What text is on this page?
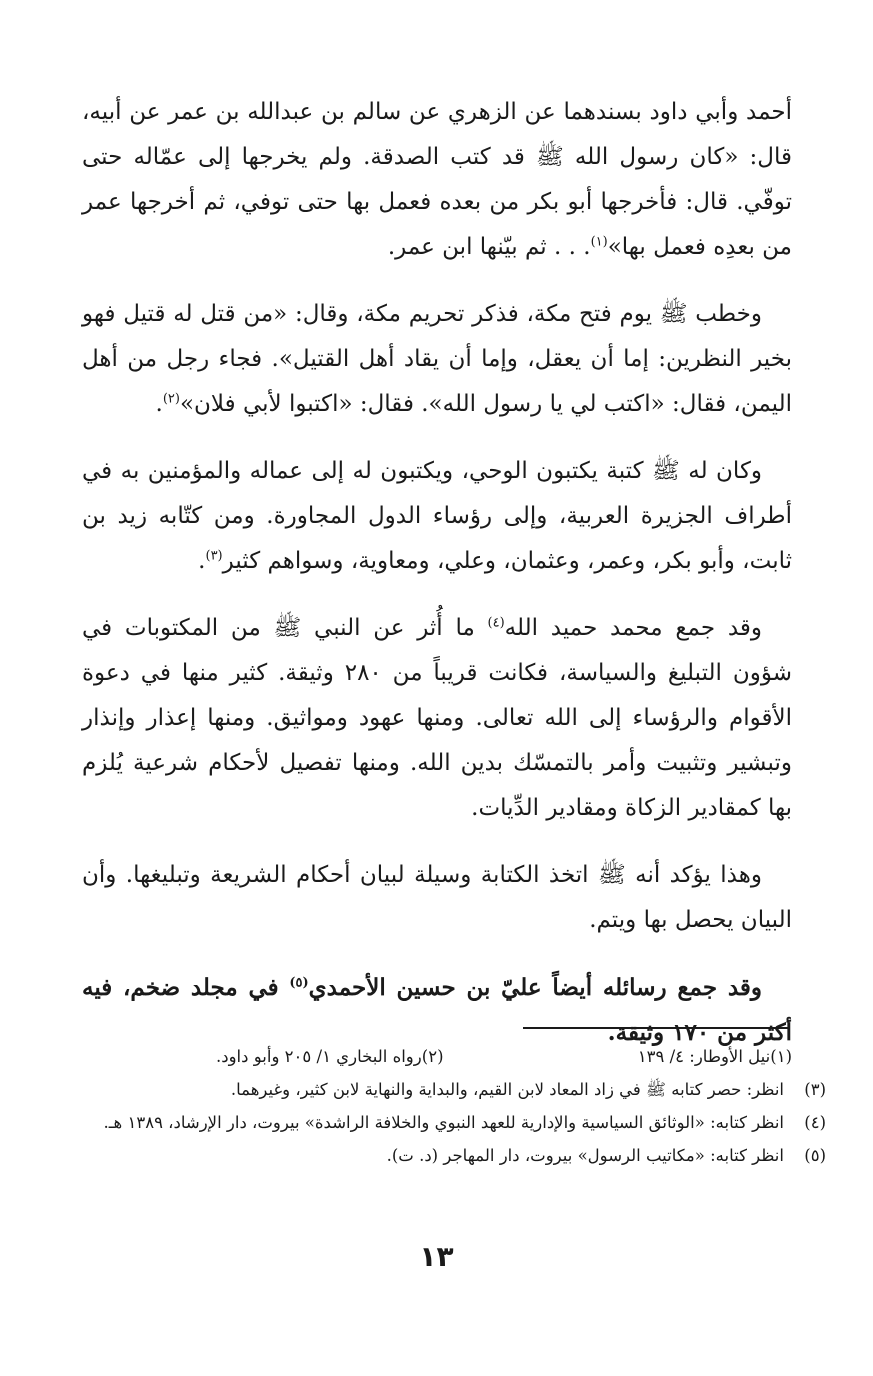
أحمد وأبي داود بسندهما عن الزهري عن سالم بن عبدالله بن عمر عن أبيه، قال: «كان رسول الله ﷺ قد كتب الصدقة. ولم يخرجها إلى عمّاله حتى توفّي. قال: فأخرجها أبو بكر من بعده فعمل بها حتى توفي، ثم أخرجها عمر من بعدِه فعمل بها»$^{(١)}$. . . ثم بيّنها ابن عمر.

وخطب ﷺ يوم فتح مكة، فذكر تحريم مكة، وقال: «من قتل له قتيل فهو بخير النظرين: إما أن يعقل، وإما أن يقاد أهل القتيل». فجاء رجل من أهل اليمن، فقال: «اكتب لي يا رسول الله». فقال: «اكتبوا لأبي فلان»$^{(٢)}$.

وكان له ﷺ كتبة يكتبون الوحي، ويكتبون له إلى عماله والمؤمنين به في أطراف الجزيرة العربية، وإلى رؤساء الدول المجاورة. ومن كتّابه زيد بن ثابت، وأبو بكر، وعمر، وعثمان، وعلي، ومعاوية، وسواهم كثير$^{(٣)}$.

وقد جمع محمد حميد الله$^{(٤)}$ ما أُثر عن النبي ﷺ من المكتوبات في شؤون التبليغ والسياسة، فكانت قريباً من ٢٨٠ وثيقة. كثير منها في دعوة الأقوام والرؤساء إلى الله تعالى. ومنها عهود ومواثيق. ومنها إعذار وإنذار وتبشير وتثبيت وأمر بالتمسّك بدين الله. ومنها تفصيل لأحكام شرعية يُلزم بها كمقادير الزكاة ومقادير الدِّيات.

وهذا يؤكد أنه ﷺ اتخذ الكتابة وسيلة لبيان أحكام الشريعة وتبليغها. وأن البيان يحصل بها ويتم.

وقد جمع رسائله أيضاً عليّ بن حسين الأحمدي$^{(٥)}$ في مجلد ضخم، فيه أكثر من ١٧٠ وثيقة.

(١)نيل الأوطار: ٤/ ١٣٩
(٢)رواه البخاري ١/ ٢٠٥ وأبو داود.

(٣)انظر: حصر كتابه ﷺ في زاد المعاد لابن القيم، والبداية والنهاية لابن كثير، وغيرهما.

(٤)انظر كتابه: «الوثائق السياسية والإدارية للعهد النبوي والخلافة الراشدة» بيروت، دار الإرشاد، ١٣٨٩ هـ.

(٥)انظر كتابه: «مكاتيب الرسول» بيروت، دار المهاجر (د. ت).

١٣
